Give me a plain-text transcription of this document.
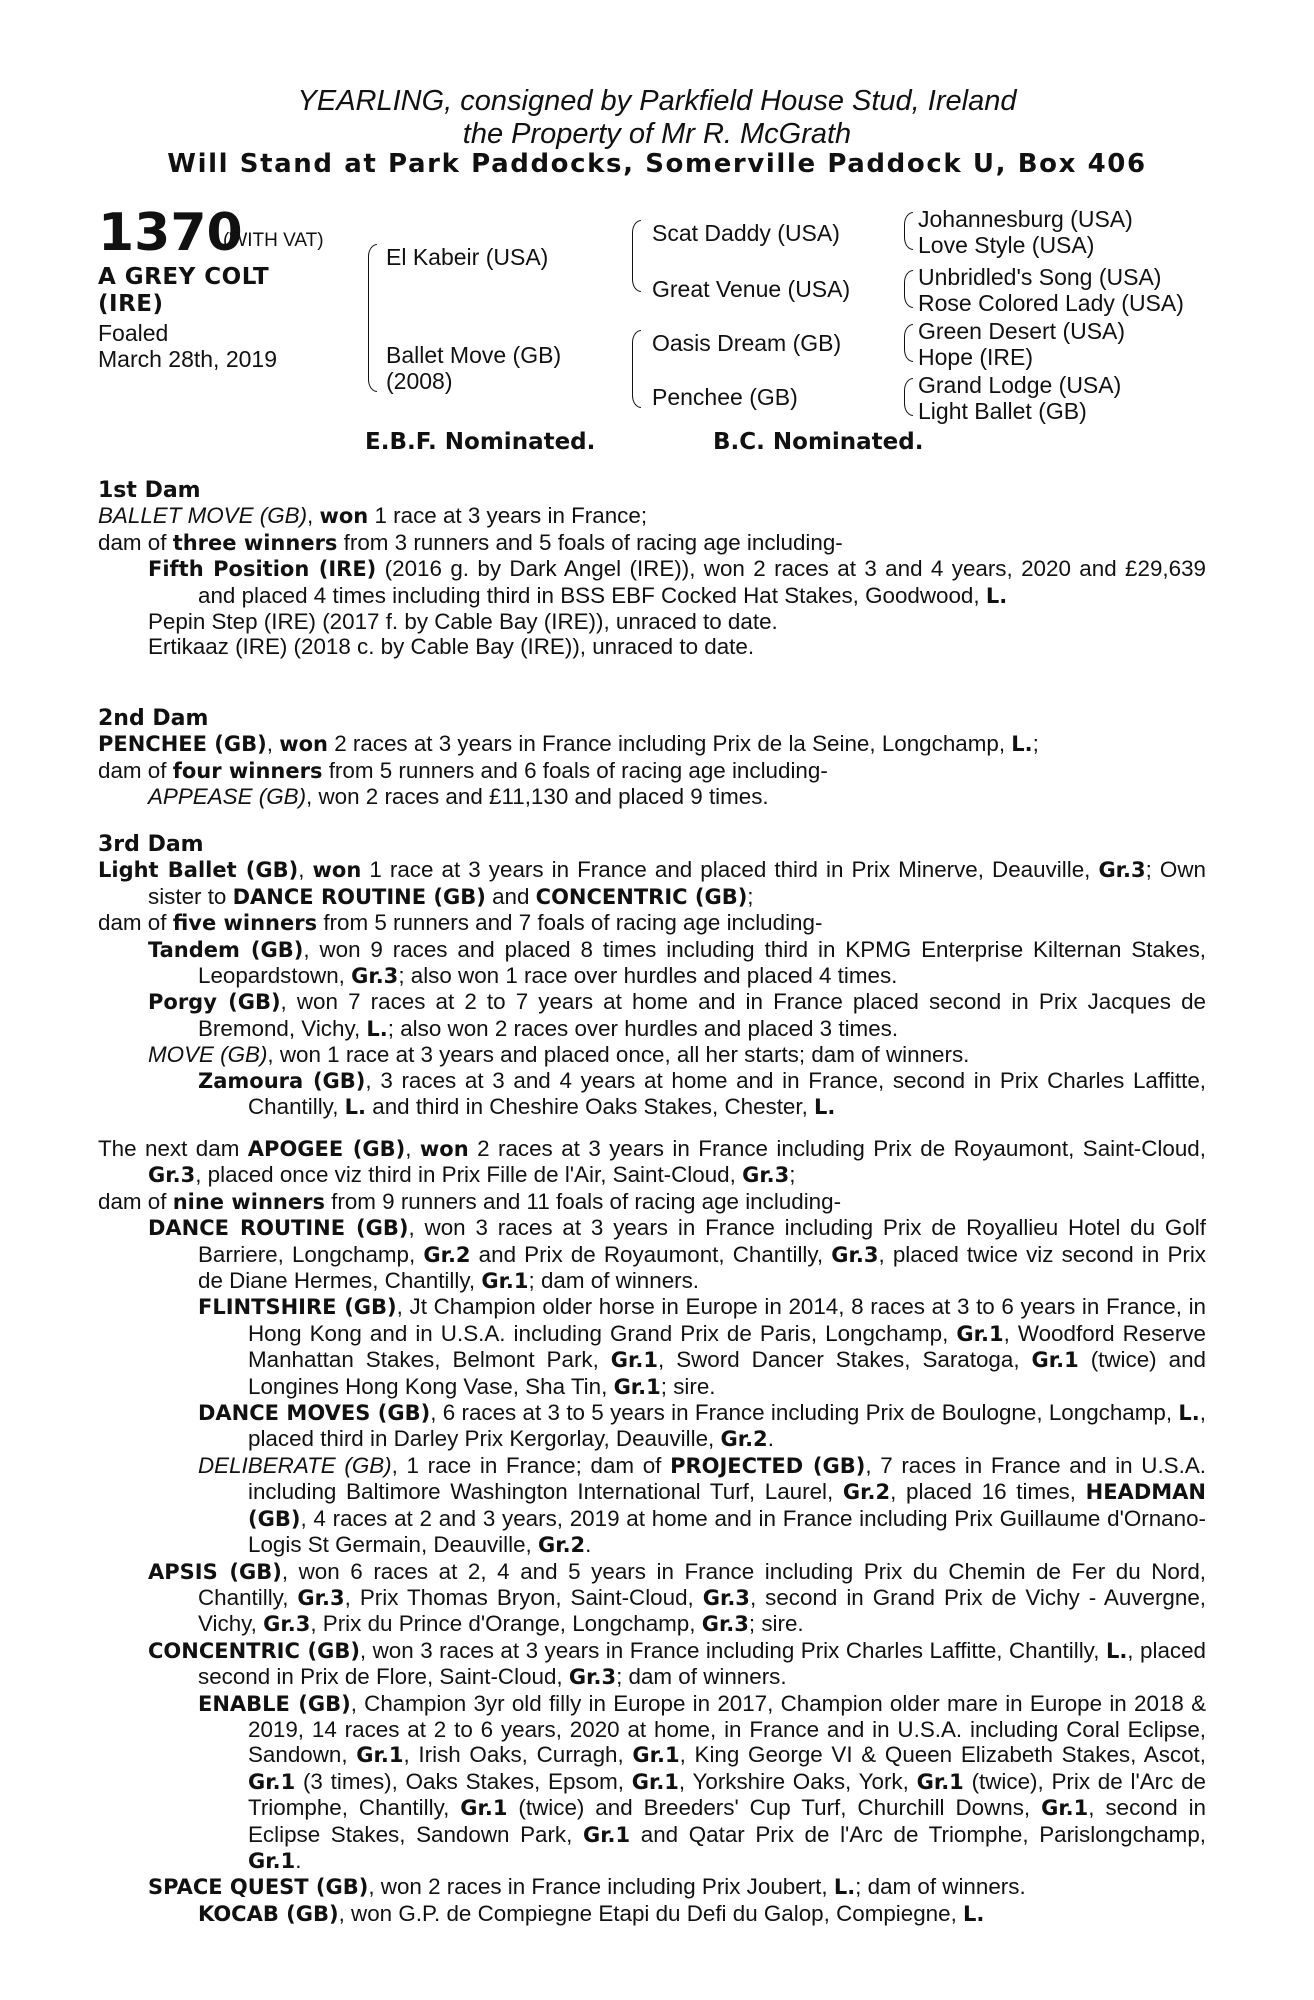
YEARLING, consigned by Parkfield House Stud, Ireland
the Property of Mr R. McGrath
Will Stand at Park Paddocks, Somerville Paddock U, Box 406
1370
(WITH VAT)
A GREY COLT
(IRE)
Foaled
March 28th, 2019
El Kabeir (USA)
Ballet Move (GB)
(2008)
Scat Daddy (USA)
Great Venue (USA)
Oasis Dream (GB)
Penchee (GB)
Johannesburg (USA)
Love Style (USA)
Unbridled's Song (USA)
Rose Colored Lady (USA)
Green Desert (USA)
Hope (IRE)
Grand Lodge (USA)
Light Ballet (GB)
E.B.F. Nominated.	B.C. Nominated.
1st Dam

BALLET MOVE (GB), won 1 race at 3 years in France;

dam of three winners from 3 runners and 5 foals of racing age including-

Fifth Position (IRE) (2016 g. by Dark Angel (IRE)), won 2 races at 3 and 4 years, 2020 and £29,639 and placed 4 times including third in BSS EBF Cocked Hat Stakes, Goodwood, L.

Pepin Step (IRE) (2017 f. by Cable Bay (IRE)), unraced to date.

Ertikaaz (IRE) (2018 c. by Cable Bay (IRE)), unraced to date.

2nd Dam

PENCHEE (GB), won 2 races at 3 years in France including Prix de la Seine, Longchamp, L.;

dam of four winners from 5 runners and 6 foals of racing age including-

APPEASE (GB), won 2 races and £11,130 and placed 9 times.

3rd Dam

Light Ballet (GB), won 1 race at 3 years in France and placed third in Prix Minerve, Deauville, Gr.3; Own sister to DANCE ROUTINE (GB) and CONCENTRIC (GB);

dam of five winners from 5 runners and 7 foals of racing age including-

Tandem (GB), won 9 races and placed 8 times including third in KPMG Enterprise Kilternan Stakes, Leopardstown, Gr.3; also won 1 race over hurdles and placed 4 times.

Porgy (GB), won 7 races at 2 to 7 years at home and in France placed second in Prix Jacques de Bremond, Vichy, L.; also won 2 races over hurdles and placed 3 times.

MOVE (GB), won 1 race at 3 years and placed once, all her starts; dam of winners.

Zamoura (GB), 3 races at 3 and 4 years at home and in France, second in Prix Charles Laffitte, Chantilly, L. and third in Cheshire Oaks Stakes, Chester, L.

The next dam APOGEE (GB), won 2 races at 3 years in France including Prix de Royaumont, Saint-Cloud, Gr.3, placed once viz third in Prix Fille de l'Air, Saint-Cloud, Gr.3;

dam of nine winners from 9 runners and 11 foals of racing age including-

DANCE ROUTINE (GB), won 3 races at 3 years in France including Prix de Royallieu Hotel du Golf Barriere, Longchamp, Gr.2 and Prix de Royaumont, Chantilly, Gr.3, placed twice viz second in Prix de Diane Hermes, Chantilly, Gr.1; dam of winners.

FLINTSHIRE (GB), Jt Champion older horse in Europe in 2014, 8 races at 3 to 6 years in France, in Hong Kong and in U.S.A. including Grand Prix de Paris, Longchamp, Gr.1, Woodford Reserve Manhattan Stakes, Belmont Park, Gr.1, Sword Dancer Stakes, Saratoga, Gr.1 (twice) and Longines Hong Kong Vase, Sha Tin, Gr.1; sire.

DANCE MOVES (GB), 6 races at 3 to 5 years in France including Prix de Boulogne, Longchamp, L., placed third in Darley Prix Kergorlay, Deauville, Gr.2.

DELIBERATE (GB), 1 race in France; dam of PROJECTED (GB), 7 races in France and in U.S.A. including Baltimore Washington International Turf, Laurel, Gr.2, placed 16 times, HEADMAN (GB), 4 races at 2 and 3 years, 2019 at home and in France including Prix Guillaume d'Ornano-Logis St Germain, Deauville, Gr.2.

APSIS (GB), won 6 races at 2, 4 and 5 years in France including Prix du Chemin de Fer du Nord, Chantilly, Gr.3, Prix Thomas Bryon, Saint-Cloud, Gr.3, second in Grand Prix de Vichy - Auvergne, Vichy, Gr.3, Prix du Prince d'Orange, Longchamp, Gr.3; sire.

CONCENTRIC (GB), won 3 races at 3 years in France including Prix Charles Laffitte, Chantilly, L., placed second in Prix de Flore, Saint-Cloud, Gr.3; dam of winners.

ENABLE (GB), Champion 3yr old filly in Europe in 2017, Champion older mare in Europe in 2018 & 2019, 14 races at 2 to 6 years, 2020 at home, in France and in U.S.A. including Coral Eclipse, Sandown, Gr.1, Irish Oaks, Curragh, Gr.1, King George VI & Queen Elizabeth Stakes, Ascot, Gr.1 (3 times), Oaks Stakes, Epsom, Gr.1, Yorkshire Oaks, York, Gr.1 (twice), Prix de l'Arc de Triomphe, Chantilly, Gr.1 (twice) and Breeders' Cup Turf, Churchill Downs, Gr.1, second in Eclipse Stakes, Sandown Park, Gr.1 and Qatar Prix de l'Arc de Triomphe, Parislongchamp, Gr.1.

SPACE QUEST (GB), won 2 races in France including Prix Joubert, L.; dam of winners.

KOCAB (GB), won G.P. de Compiegne Etapi du Defi du Galop, Compiegne, L.
